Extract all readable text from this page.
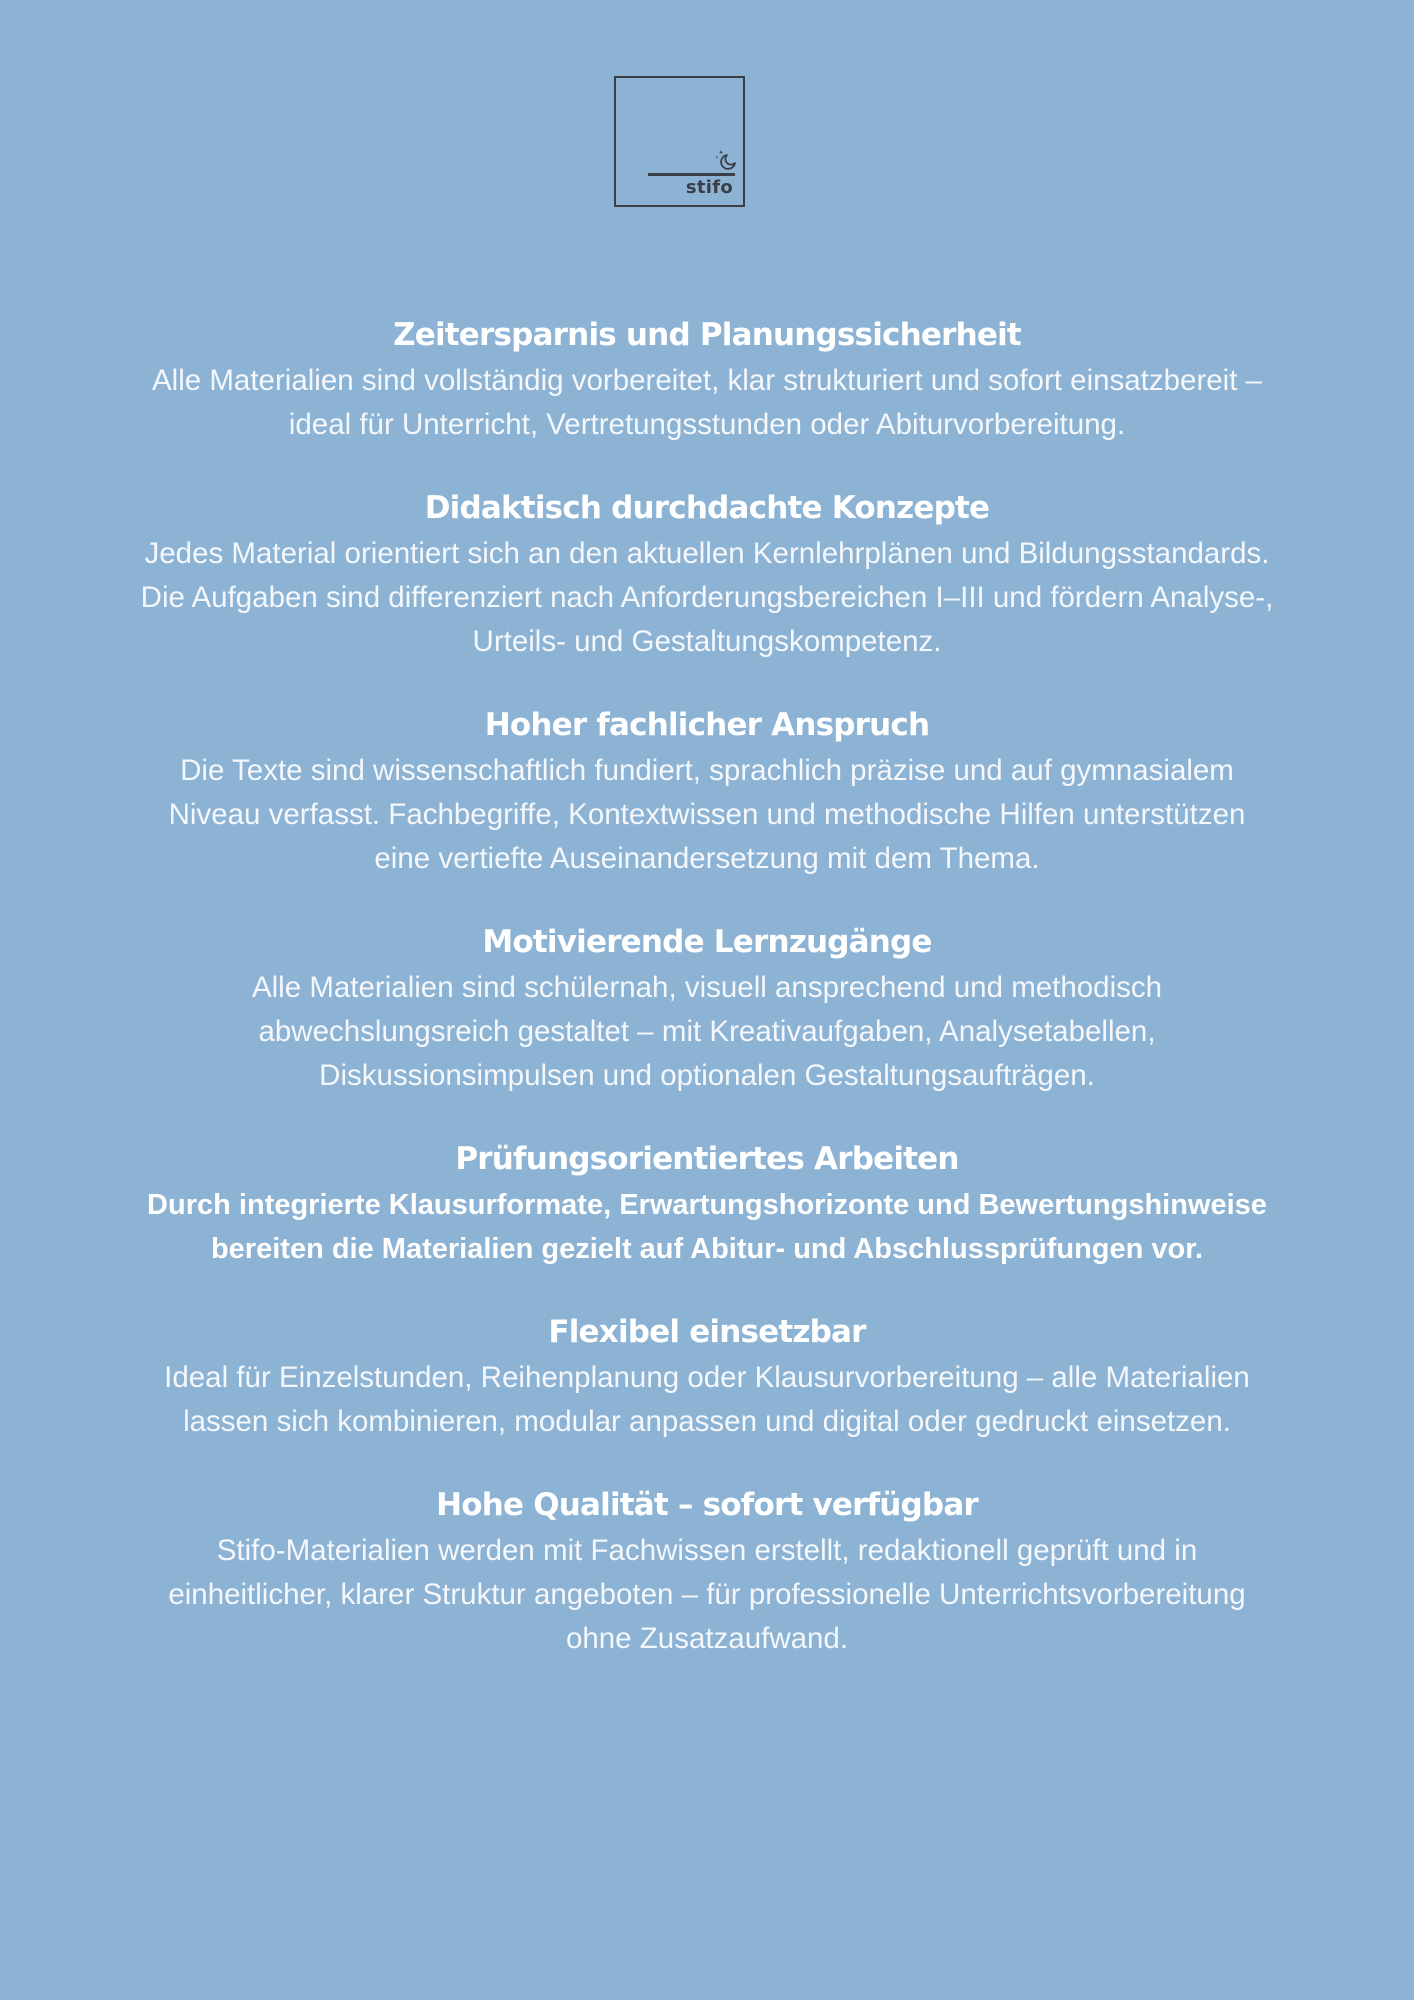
stifo
Zeitersparnis und Planungssicherheit

Alle Materialien sind vollständig vorbereitet, klar strukturiert und sofort einsatzbereit –
ideal für Unterricht, Vertretungsstunden oder Abiturvorbereitung.

Didaktisch durchdachte Konzepte

Jedes Material orientiert sich an den aktuellen Kernlehrplänen und Bildungsstandards.
Die Aufgaben sind differenziert nach Anforderungsbereichen I–III und fördern Analyse-,
Urteils- und Gestaltungskompetenz.

Hoher fachlicher Anspruch

Die Texte sind wissenschaftlich fundiert, sprachlich präzise und auf gymnasialem
Niveau verfasst. Fachbegriffe, Kontextwissen und methodische Hilfen unterstützen
eine vertiefte Auseinandersetzung mit dem Thema.

Motivierende Lernzugänge

Alle Materialien sind schülernah, visuell ansprechend und methodisch
abwechslungsreich gestaltet – mit Kreativaufgaben, Analysetabellen,
Diskussionsimpulsen und optionalen Gestaltungsaufträgen.

Prüfungsorientiertes Arbeiten

Durch integrierte Klausurformate, Erwartungshorizonte und Bewertungshinweise
bereiten die Materialien gezielt auf Abitur- und Abschlussprüfungen vor.

Flexibel einsetzbar

Ideal für Einzelstunden, Reihenplanung oder Klausurvorbereitung – alle Materialien
lassen sich kombinieren, modular anpassen und digital oder gedruckt einsetzen.

Hohe Qualität – sofort verfügbar

Stifo-Materialien werden mit Fachwissen erstellt, redaktionell geprüft und in
einheitlicher, klarer Struktur angeboten – für professionelle Unterrichtsvorbereitung
ohne Zusatzaufwand.
